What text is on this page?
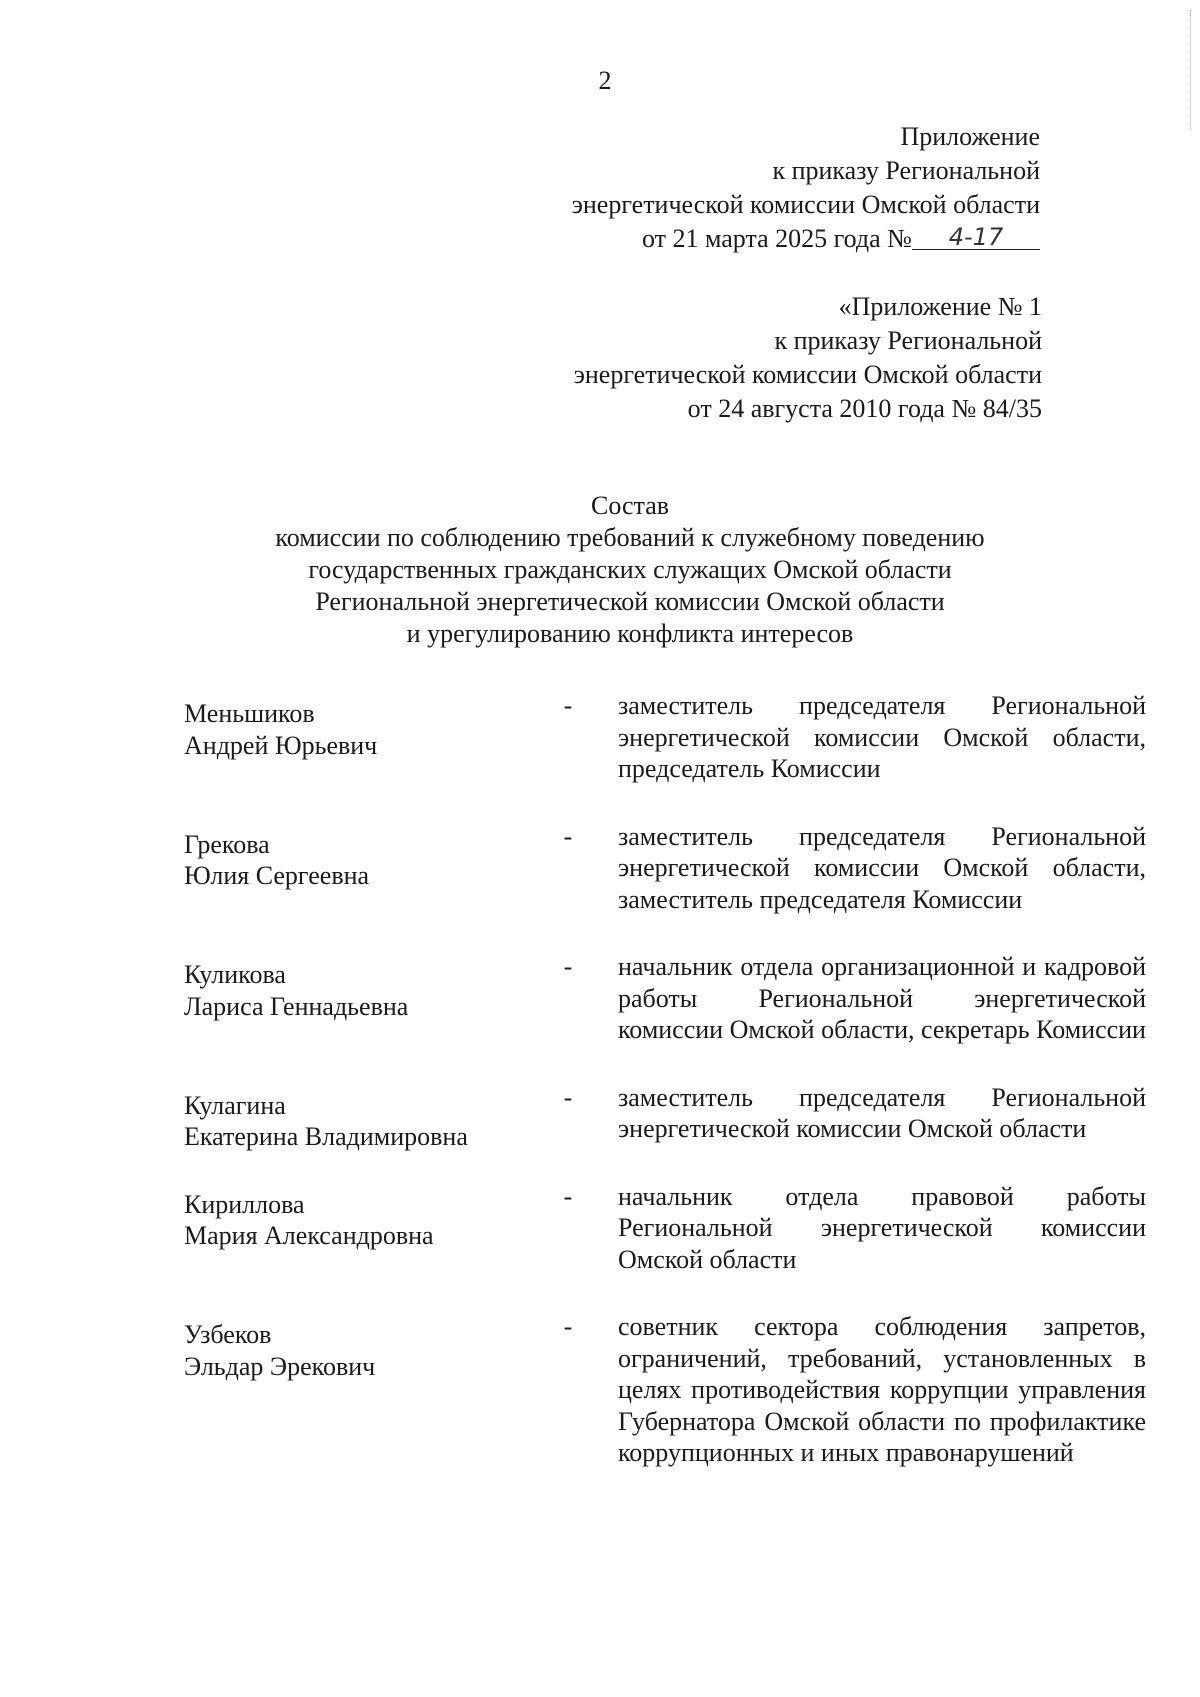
2
Приложение
к приказу Региональной
энергетической комиссии Омской области
от 21 марта 2025 года № 4-17
«Приложение № 1
к приказу Региональной
энергетической комиссии Омской области
от 24 августа 2010 года № 84/35
Состав
комиссии по соблюдению требований к служебному поведению
государственных гражданских служащих Омской области
Региональной энергетической комиссии Омской области
и урегулированию конфликта интересов
Меньшиков
Андрей Юрьевич
- заместитель председателя Региональной энергетической комиссии Омской области, председатель Комиссии
Грекова
Юлия Сергеевна
- заместитель председателя Региональной энергетической комиссии Омской области, заместитель председателя Комиссии
Куликова
Лариса Геннадьевна
- начальник отдела организационной и кадровой работы Региональной энергетической комиссии Омской области, секретарь Комиссии
Кулагина
Екатерина Владимировна
- заместитель председателя Региональной энергетической комиссии Омской области
Кириллова
Мария Александровна
- начальник отдела правовой работы Региональной энергетической комиссии Омской области
Узбеков
Эльдар Эрекович
- советник сектора соблюдения запретов, ограничений, требований, установленных в целях противодействия коррупции управления Губернатора Омской области по профилактике коррупционных и иных правонарушений
